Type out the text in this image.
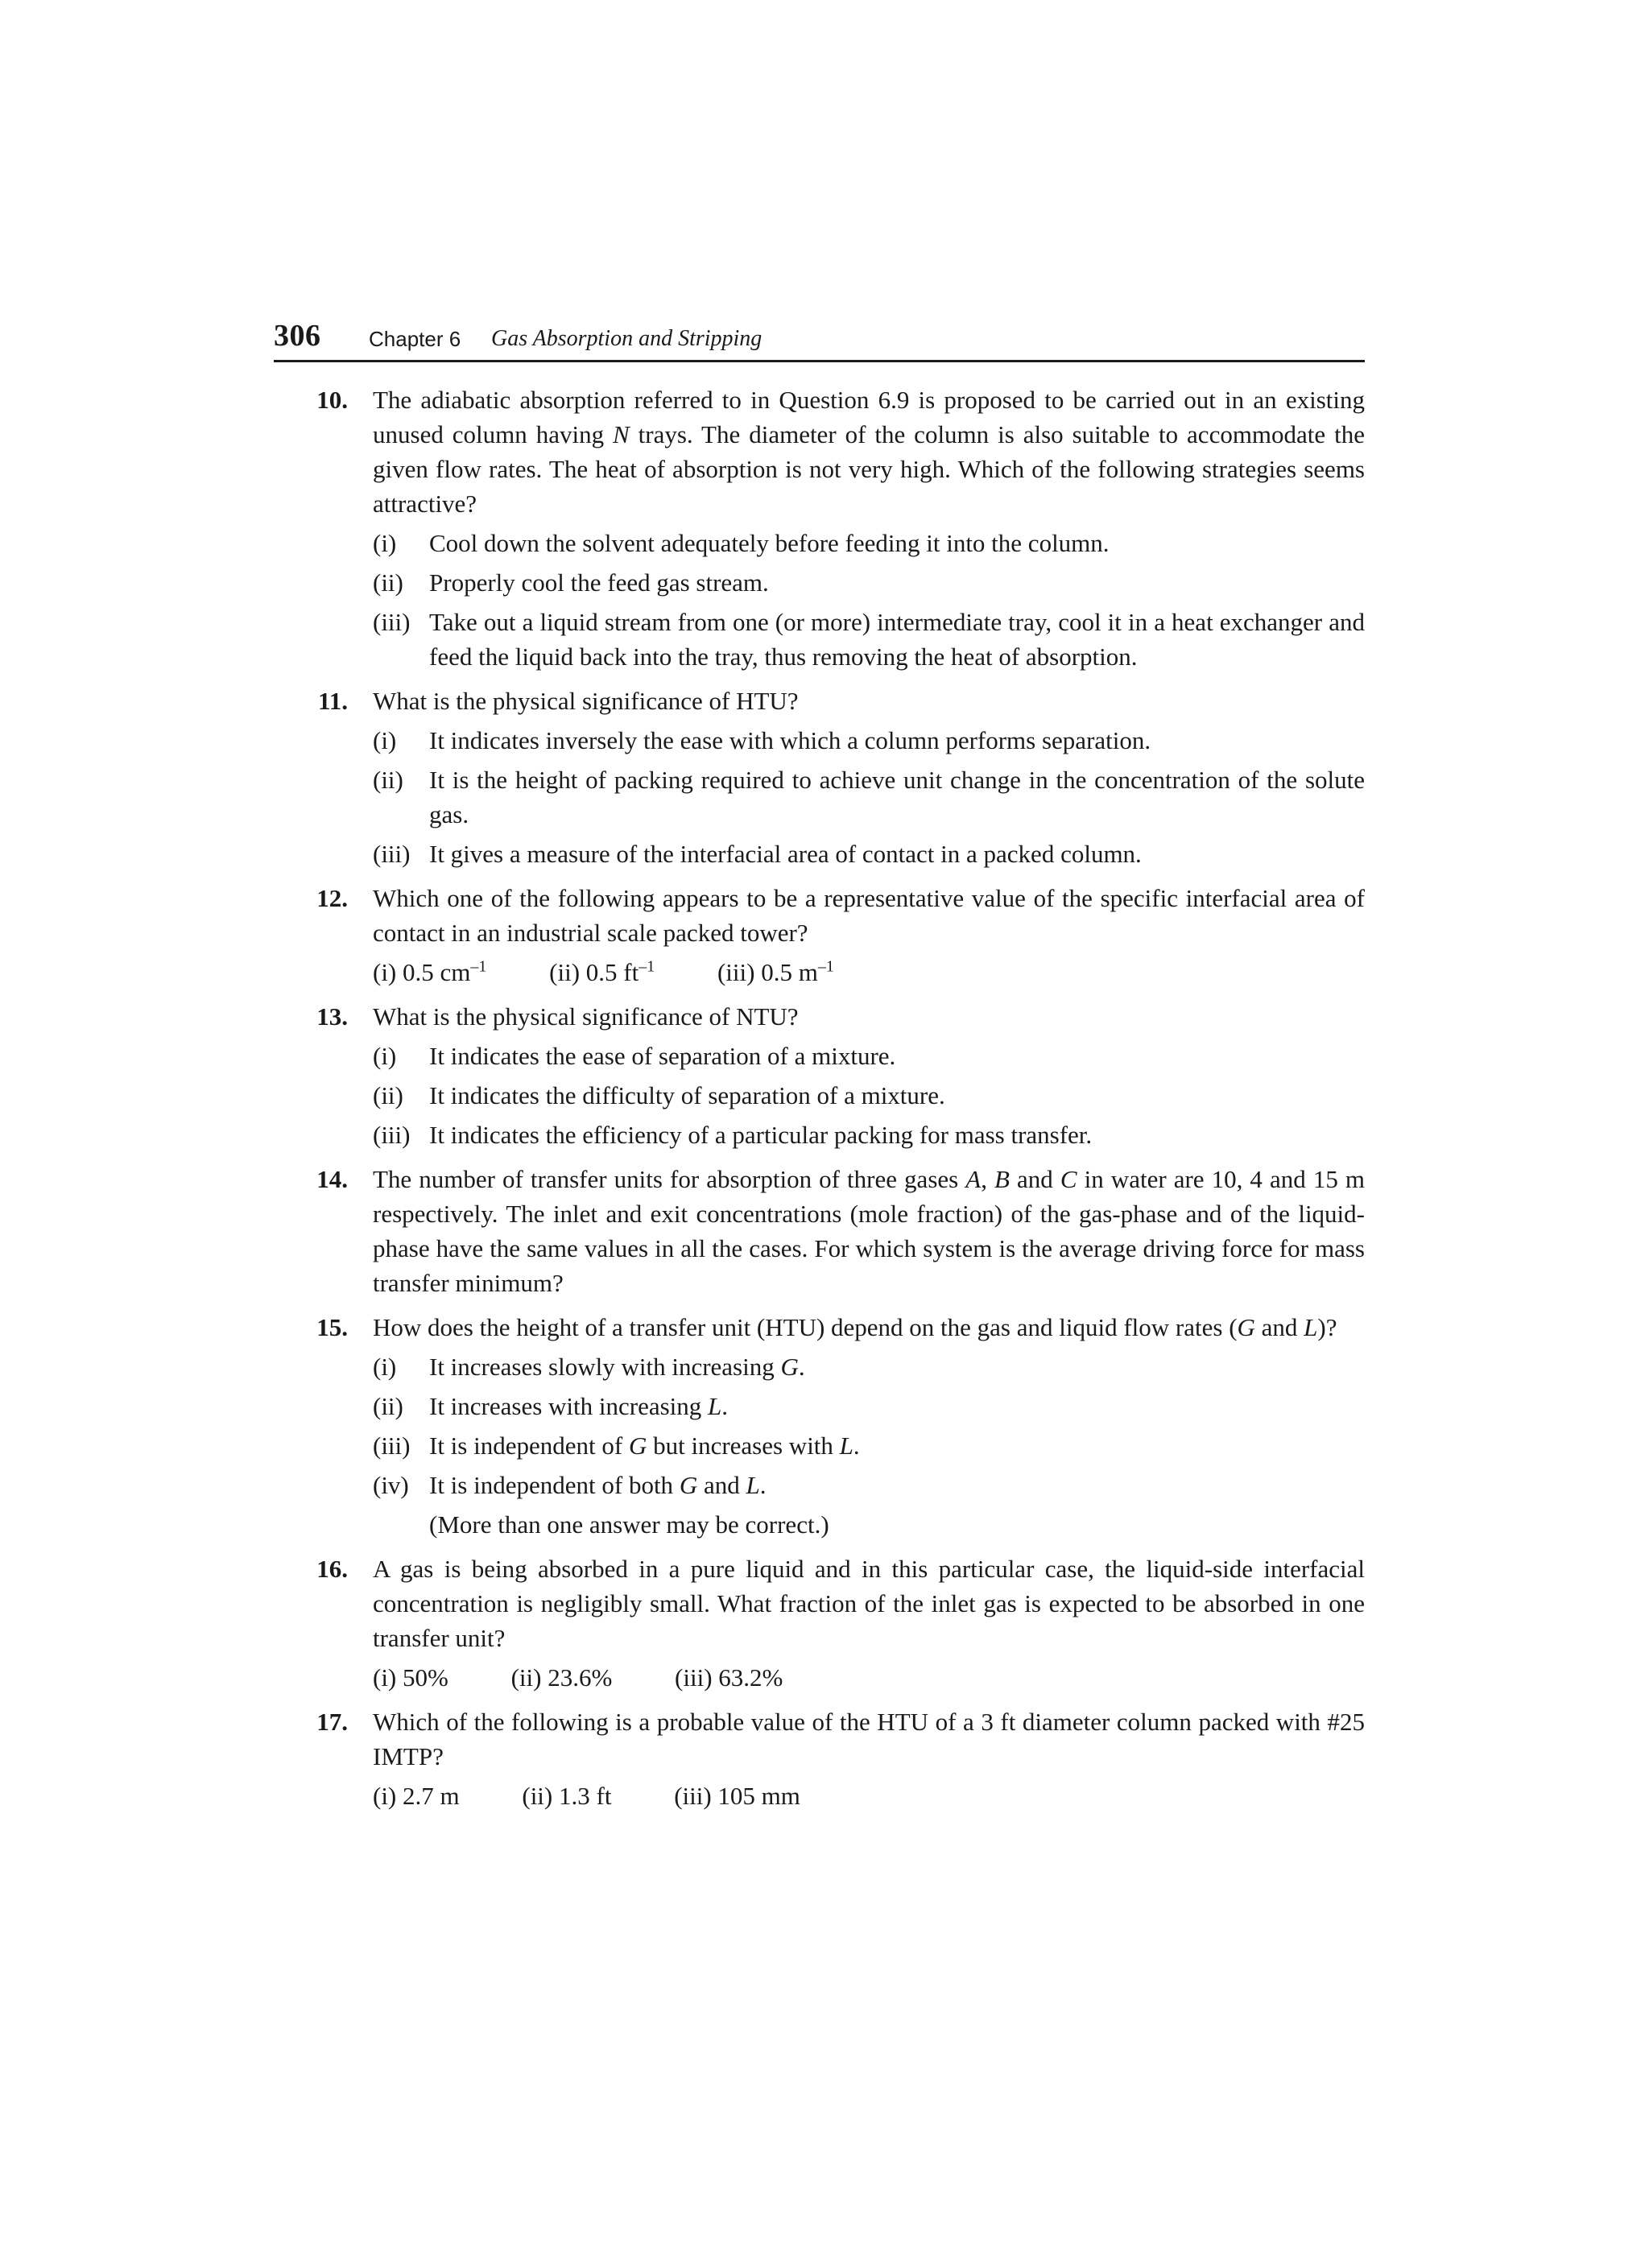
306 Chapter 6 Gas Absorption and Stripping
10. The adiabatic absorption referred to in Question 6.9 is proposed to be carried out in an existing unused column having N trays. The diameter of the column is also suitable to accommodate the given flow rates. The heat of absorption is not very high. Which of the following strategies seems attractive?
(i)	Cool down the solvent adequately before feeding it into the column.
(ii)	Properly cool the feed gas stream.
(iii) Take out a liquid stream from one (or more) intermediate tray, cool it in a heat exchanger and feed the liquid back into the tray, thus removing the heat of absorption.
11. What is the physical significance of HTU?
(i)	It indicates inversely the ease with which a column performs separation.
(ii)	It is the height of packing required to achieve unit change in the concentration of the solute gas.
(iii) It gives a measure of the interfacial area of contact in a packed column.
12. Which one of the following appears to be a representative value of the specific interfacial area of contact in an industrial scale packed tower?
(i) 0.5 $cm^{-1}$	(ii) 0.5 $ft^{-1}$	(iii) 0.5 $m^{-1}$
13. What is the physical significance of NTU?
(i)	It indicates the ease of separation of a mixture.
(ii)	It indicates the difficulty of separation of a mixture.
(iii) It indicates the efficiency of a particular packing for mass transfer.
14. The number of transfer units for absorption of three gases A, B and C in water are 10, 4 and 15 m respectively. The inlet and exit concentrations (mole fraction) of the gas-phase and of the liquid-phase have the same values in all the cases. For which system is the average driving force for mass transfer minimum?
15. How does the height of a transfer unit (HTU) depend on the gas and liquid flow rates (G and L)?
(i)	It increases slowly with increasing G.
(ii)	It increases with increasing L.
(iii) It is independent of G but increases with L.
(iv) It is independent of both G and L.
(More than one answer may be correct.)
16. A gas is being absorbed in a pure liquid and in this particular case, the liquid-side interfacial concentration is negligibly small. What fraction of the inlet gas is expected to be absorbed in one transfer unit?
(i) 50%	(ii) 23.6%	(iii) 63.2%
17. Which of the following is a probable value of the HTU of a 3 ft diameter column packed with #25 IMTP?
(i) 2.7 m	(ii) 1.3 ft	(iii) 105 mm
